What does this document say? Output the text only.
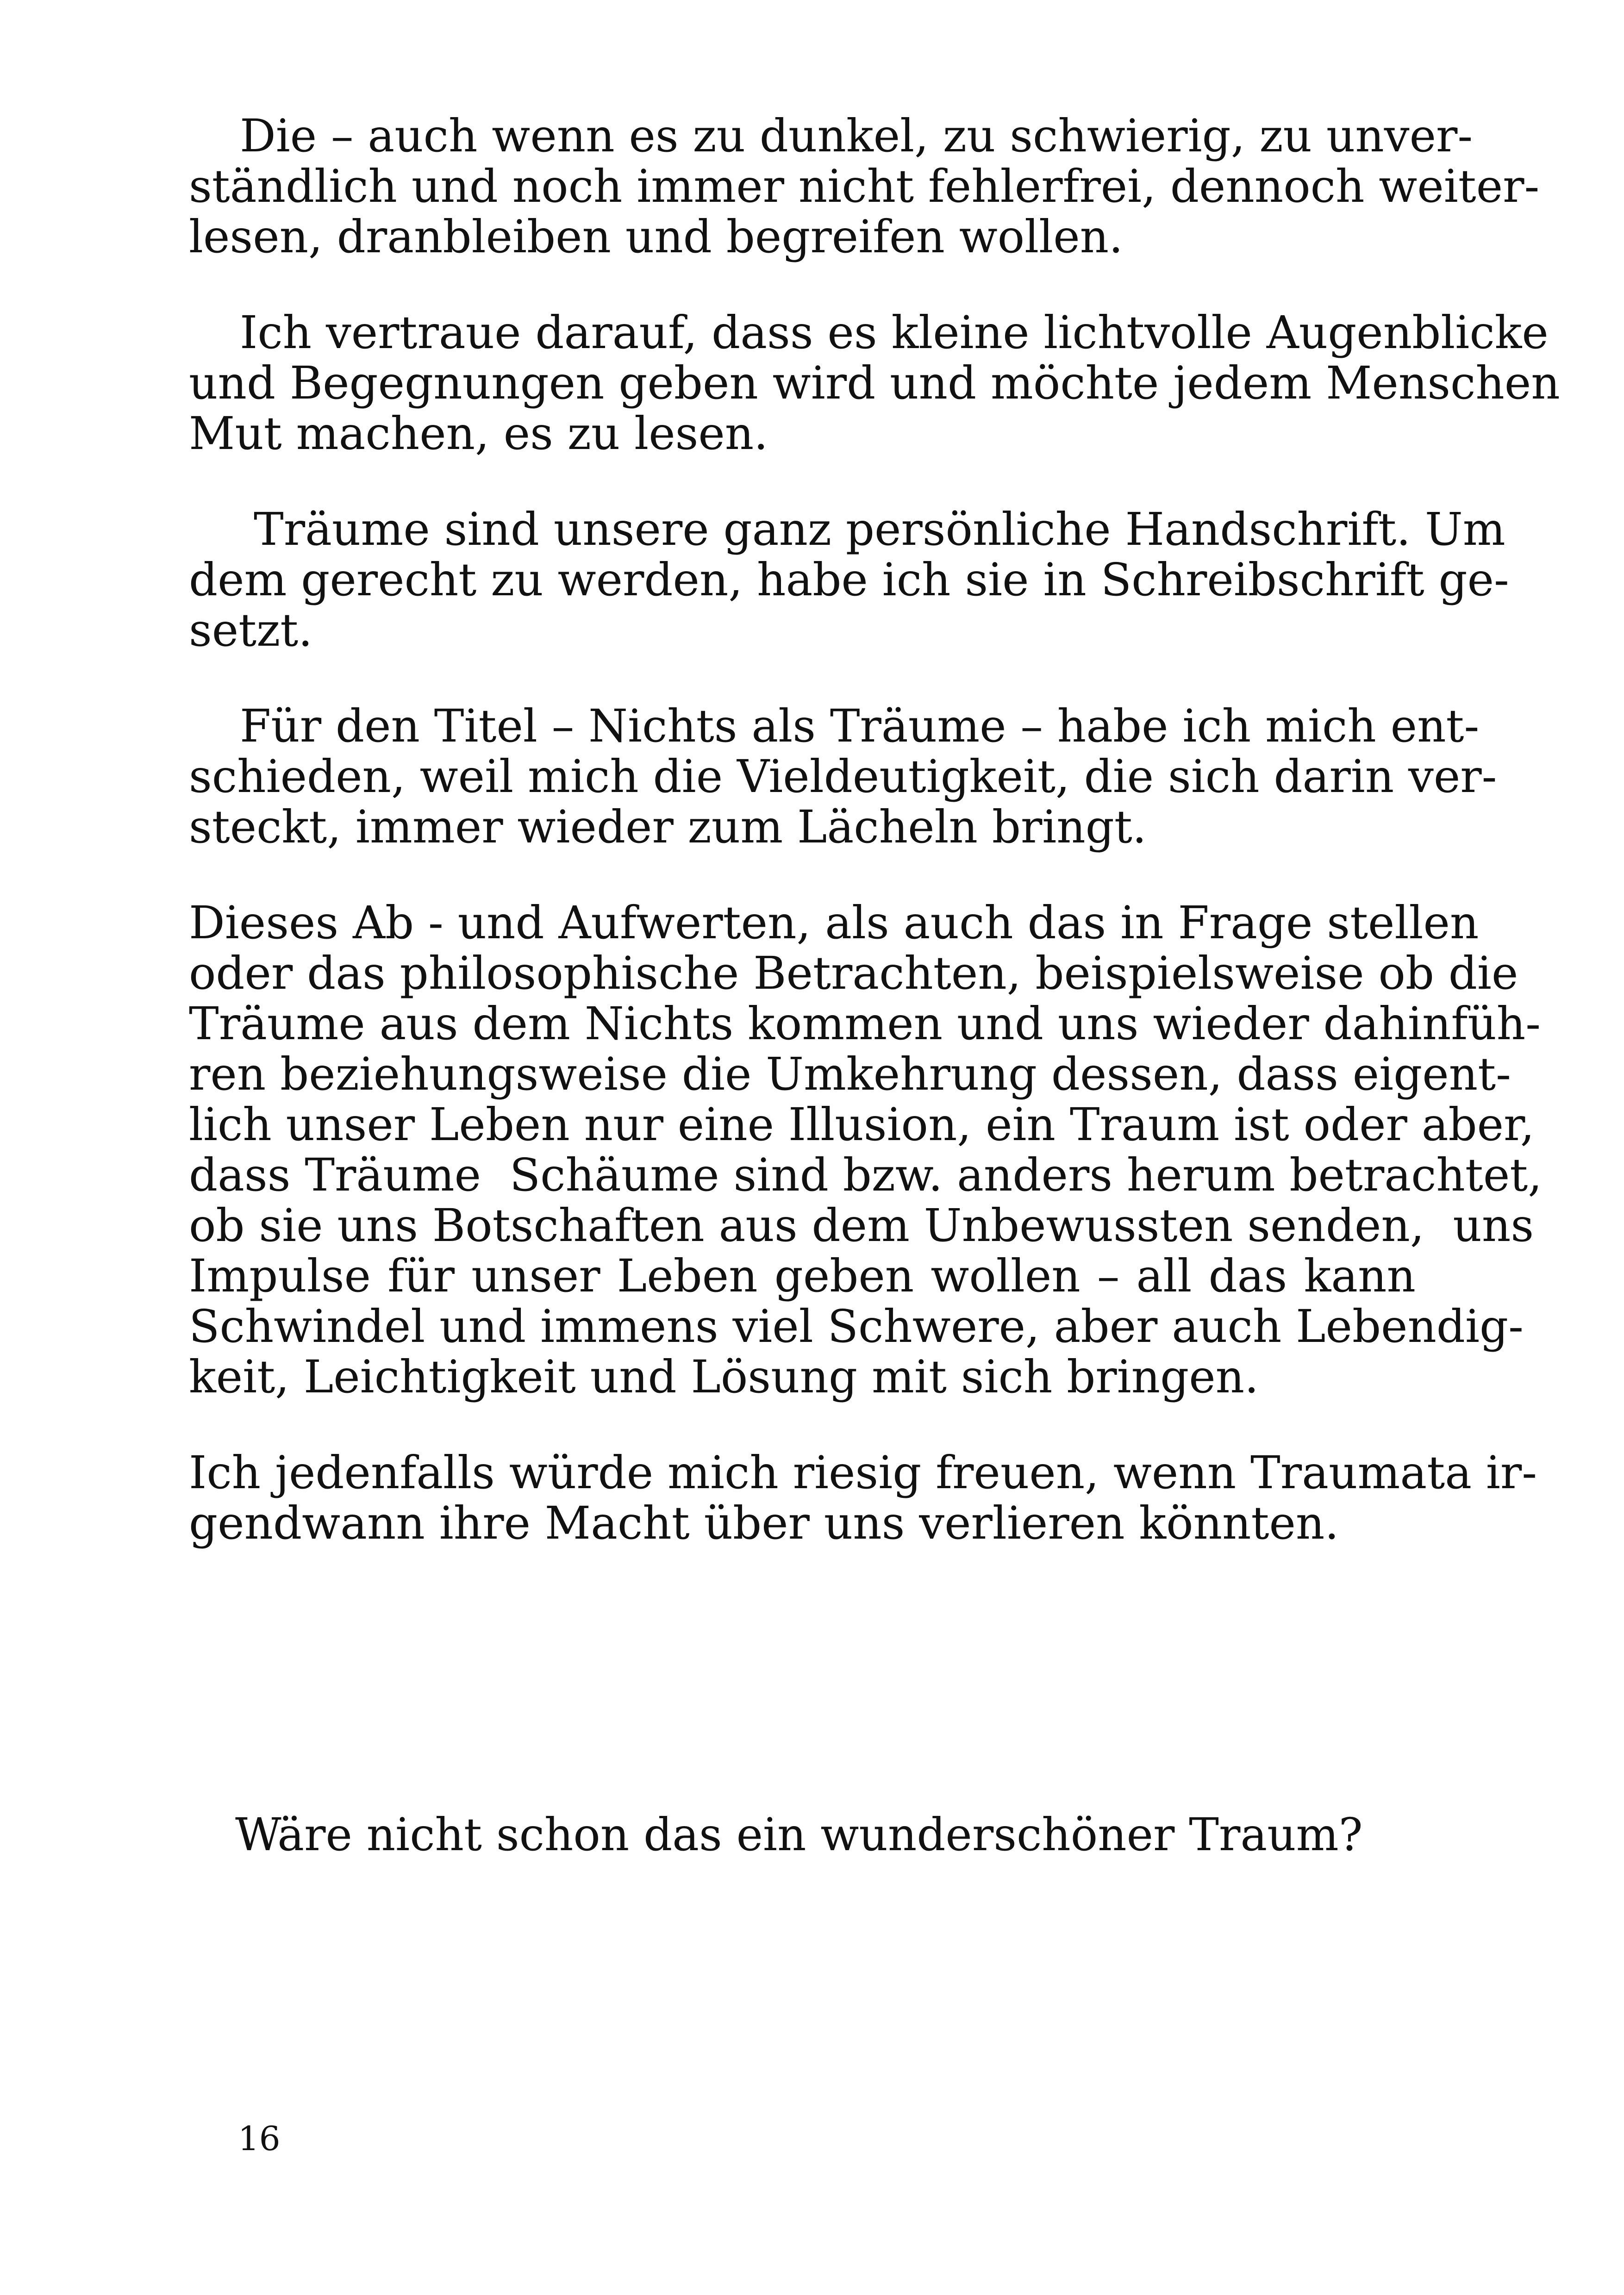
Die – auch wenn es zu dunkel, zu schwierig, zu unver-

ständlich und noch immer nicht fehlerfrei, dennoch weiter-

lesen, dranbleiben und begreifen wollen.

Ich vertraue darauf, dass es kleine lichtvolle Augenblicke

und Begegnungen geben wird und möchte jedem Menschen

Mut machen, es zu lesen.

Träume sind unsere ganz persönliche Handschrift. Um

dem gerecht zu werden, habe ich sie in Schreibschrift ge-

setzt.

Für den Titel – Nichts als Träume – habe ich mich ent-

schieden, weil mich die Vieldeutigkeit, die sich darin ver-

steckt, immer wieder zum Lächeln bringt.

Dieses Ab - und Aufwerten, als auch das in Frage stellen

oder das philosophische Betrachten, beispielsweise ob die

Träume aus dem Nichts kommen und uns wieder dahinfüh-

ren beziehungsweise die Umkehrung dessen, dass eigent-

lich unser Leben nur eine Illusion, ein Traum ist oder aber,

dass Träume  Schäume sind bzw. anders herum betrachtet,

ob sie uns Botschaften aus dem Unbewussten senden,  uns

Impulse für unser Leben geben wollen – all das kann

Schwindel und immens viel Schwere, aber auch Lebendig-

keit, Leichtigkeit und Lösung mit sich bringen.

Ich jedenfalls würde mich riesig freuen, wenn Traumata ir-

gendwann ihre Macht über uns verlieren könnten.

Wäre nicht schon das ein wunderschöner Traum?

16
